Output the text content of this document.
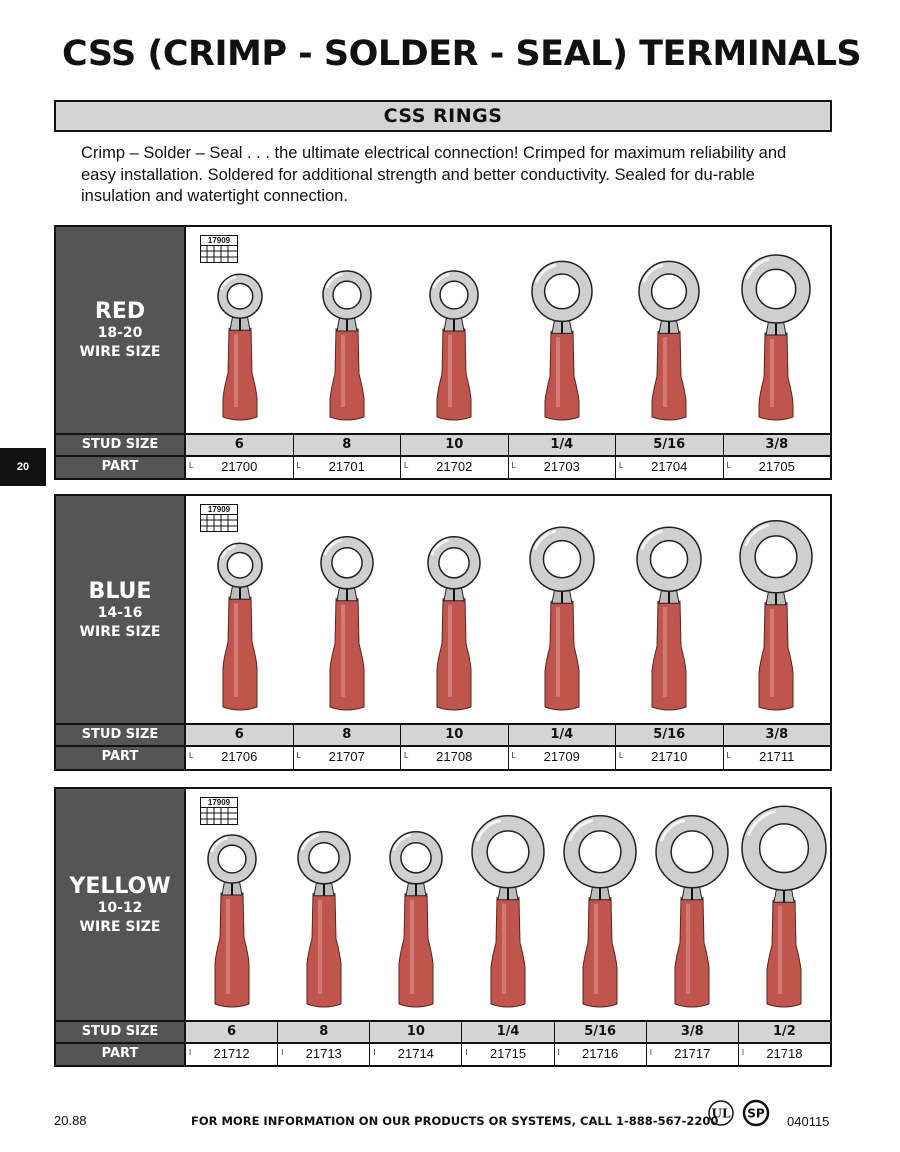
CSS (CRIMP - SOLDER - SEAL) TERMINALS
CSS RINGS
Crimp – Solder – Seal . . . the ultimate electrical connection! Crimped for maximum reliability and easy installation. Soldered for additional strength and better conductivity. Sealed for du-rable insulation and watertight connection.
20
RED
18-20
WIRE SIZE
17909
STUD SIZE	6	8	10	1/4	5/16	3/8
PART	L 21700	L 21701	L 21702	L 21703	L 21704	L 21705
BLUE
14-16
WIRE SIZE
17909
STUD SIZE	6	8	10	1/4	5/16	3/8
PART	L 21706	L 21707	L 21708	L 21709	L 21710	L 21711
YELLOW
10-12
WIRE SIZE
17909
STUD SIZE	6	8	10	1/4	5/16	3/8	1/2
PART	I 21712	I 21713	I 21714	I 21715	I 21716	I 21717	I 21718
20.88	FOR MORE INFORMATION ON OUR PRODUCTS OR SYSTEMS, CALL 1-888-567-2200
UL SP
040115
